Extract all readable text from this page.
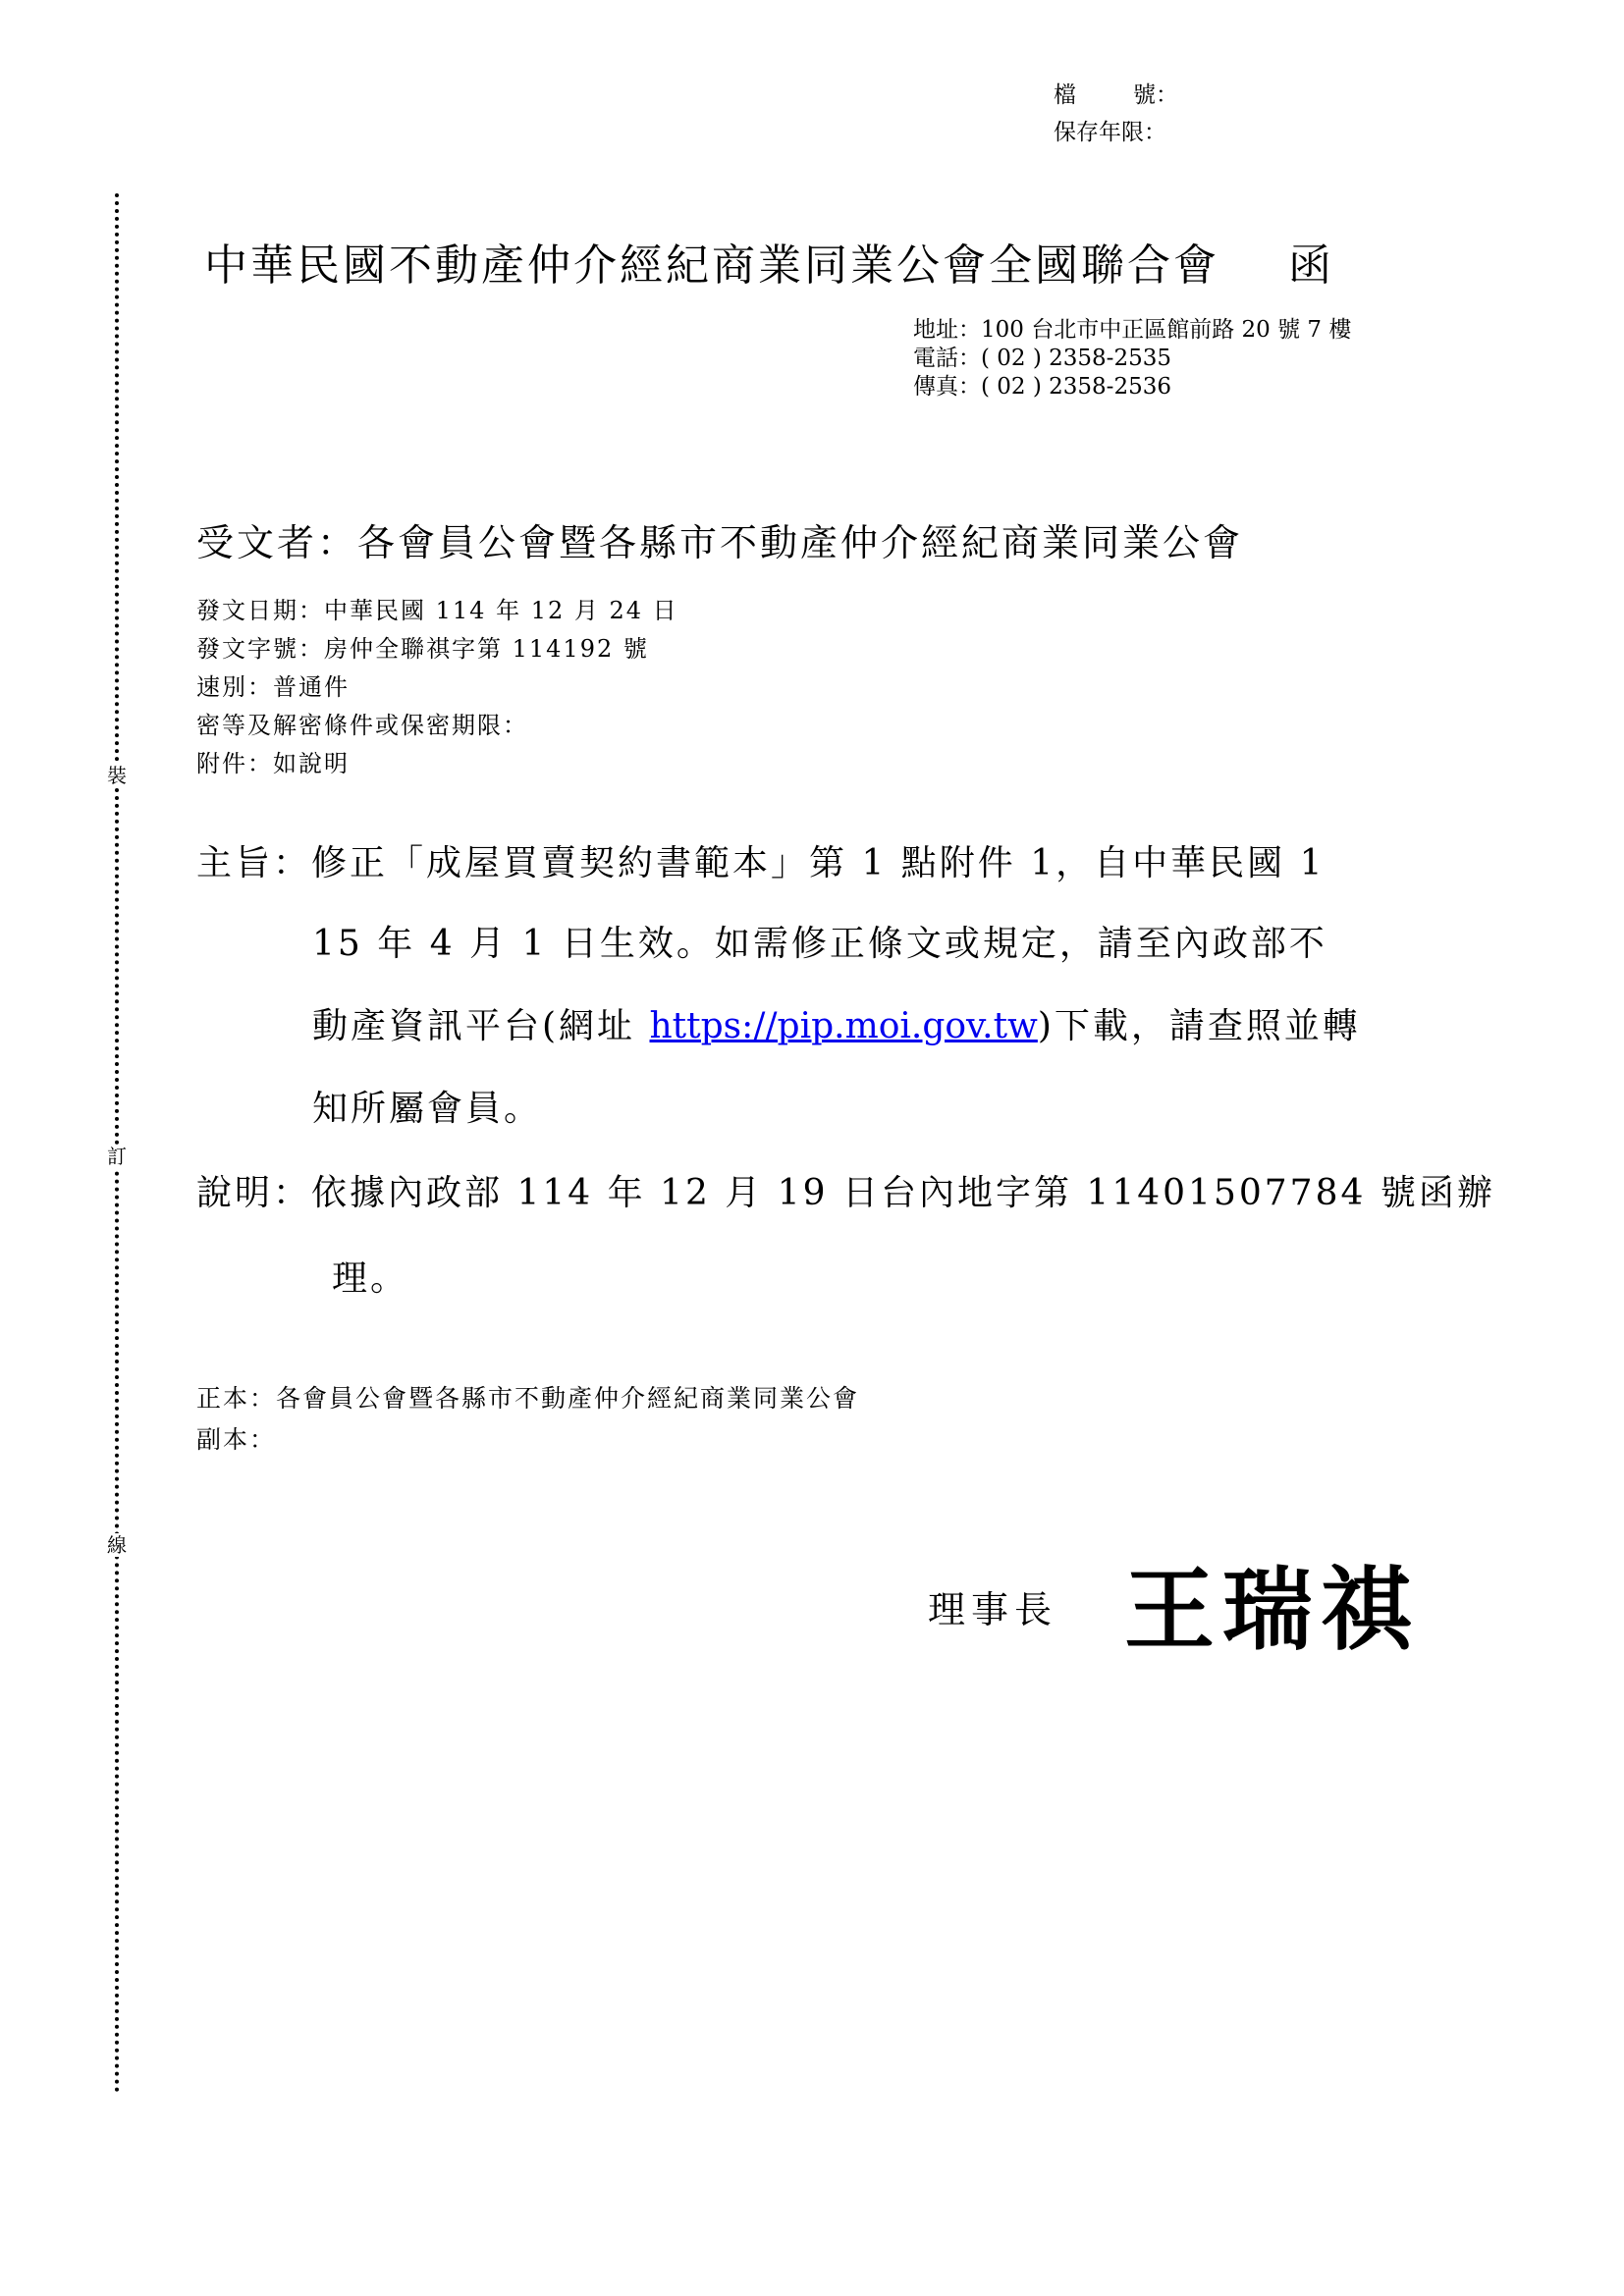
檔	號：
保存年限：
裝
訂
線
中華民國不動產仲介經紀商業同業公會全國聯合會 函
地址：100 台北市中正區館前路 20 號 7 樓
電話：( 02 ) 2358-2535
傳真：( 02 ) 2358-2536
受文者：各會員公會暨各縣市不動產仲介經紀商業同業公會
發文日期：中華民國 114 年 12 月 24 日
發文字號：房仲全聯祺字第 114192 號
速別：普通件
密等及解密條件或保密期限：
附件：如說明
主旨：修正「成屋買賣契約書範本」第 1 點附件 1，自中華民國 1
15 年 4 月 1 日生效。如需修正條文或規定，請至內政部不
動產資訊平台(網址 https://pip.moi.gov.tw)下載，請查照並轉
知所屬會員。
說明：依據內政部 114 年 12 月 19 日台內地字第 11401507784 號函辦
理。
正本：各會員公會暨各縣市不動產仲介經紀商業同業公會
副本：
理事長 王瑞祺
